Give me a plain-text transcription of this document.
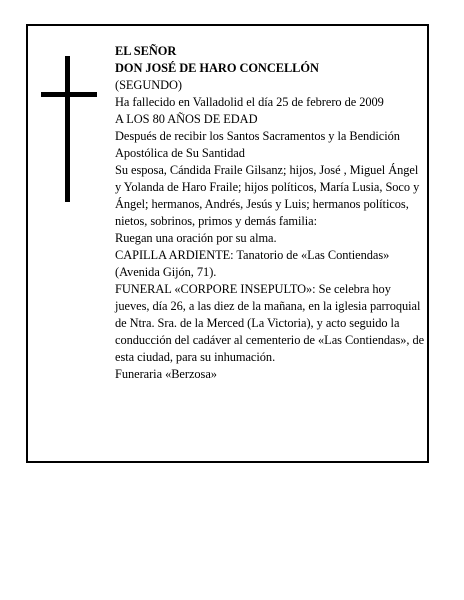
EL SEÑOR

DON JOSÉ DE HARO CONCELLÓN

(SEGUNDO)

Ha fallecido en Valladolid el día 25 de febrero de 2009

A LOS 80 AÑOS DE EDAD

Después de recibir los Santos Sacramentos y la Bendición Apostólica de Su Santidad

Su esposa, Cándida Fraile Gilsanz; hijos, José , Miguel Ángel y Yolanda de Haro Fraile; hijos políticos, María Lusia, Soco y Ángel; hermanos, Andrés, Jesús y Luis; hermanos políticos, nietos, sobrinos, primos y demás familia:

Ruegan una oración por su alma.

CAPILLA ARDIENTE: Tanatorio de «Las Contiendas» (Avenida Gijón, 71).

FUNERAL «CORPORE INSEPULTO»: Se celebra hoy jueves, día 26, a las diez de la mañana, en la iglesia parroquial de Ntra. Sra. de la Merced (La Victoria), y acto seguido la conducción del cadáver al cementerio de «Las Contiendas», de esta ciudad, para su inhumación.

Funeraria «Berzosa»
